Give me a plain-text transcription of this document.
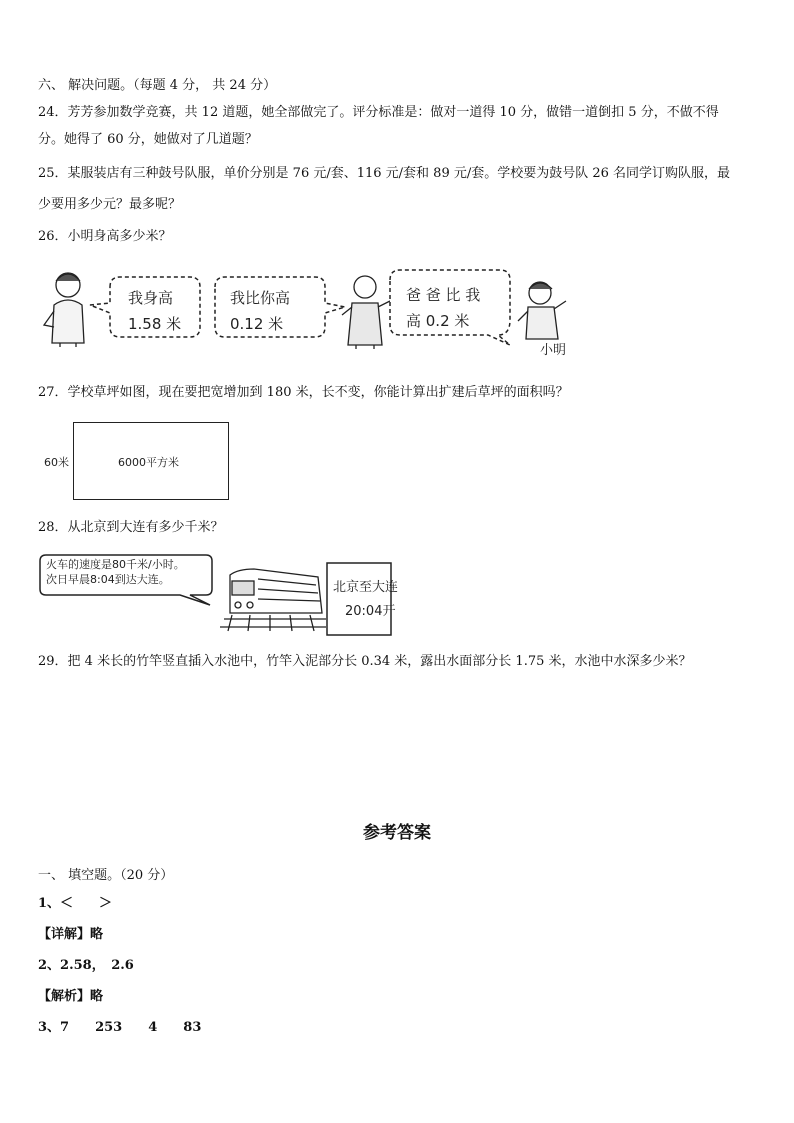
六、 解决问题。（每题 4 分， 共 24 分）
24．芳芳参加数学竞赛，共 12 道题，她全部做完了。评分标准是：做对一道得 10 分，做错一道倒扣 5 分，不做不得
分。她得了 60 分，她做对了几道题？
25．某服装店有三种鼓号队服，单价分别是 76 元/套、116 元/套和 89 元/套。学校要为鼓号队 26 名同学订购队服，最
少要用多少元？最多呢？
26．小明身高多少米？
我身高
1.58 米
我比你高
0.12 米
爸 爸 比 我
高 0.2 米
小明
27．学校草坪如图，现在要把宽增加到 180 米，长不变，你能计算出扩建后草坪的面积吗？
60米	6000平方米
28．从北京到大连有多少千米？
火车的速度是80千米/小时。
次日早晨8:04到达大连。
北京至大连
20:04开
29．把 4 米长的竹竿竖直插入水池中，竹竿入泥部分长 0.34 米，露出水面部分长 1.75 米，水池中水深多少米？
参考答案
一、 填空题。（20 分）
1、＜　　＞
【详解】略
2、2.58，　2.6
【解析】略
3、7　　253　　4　　83
